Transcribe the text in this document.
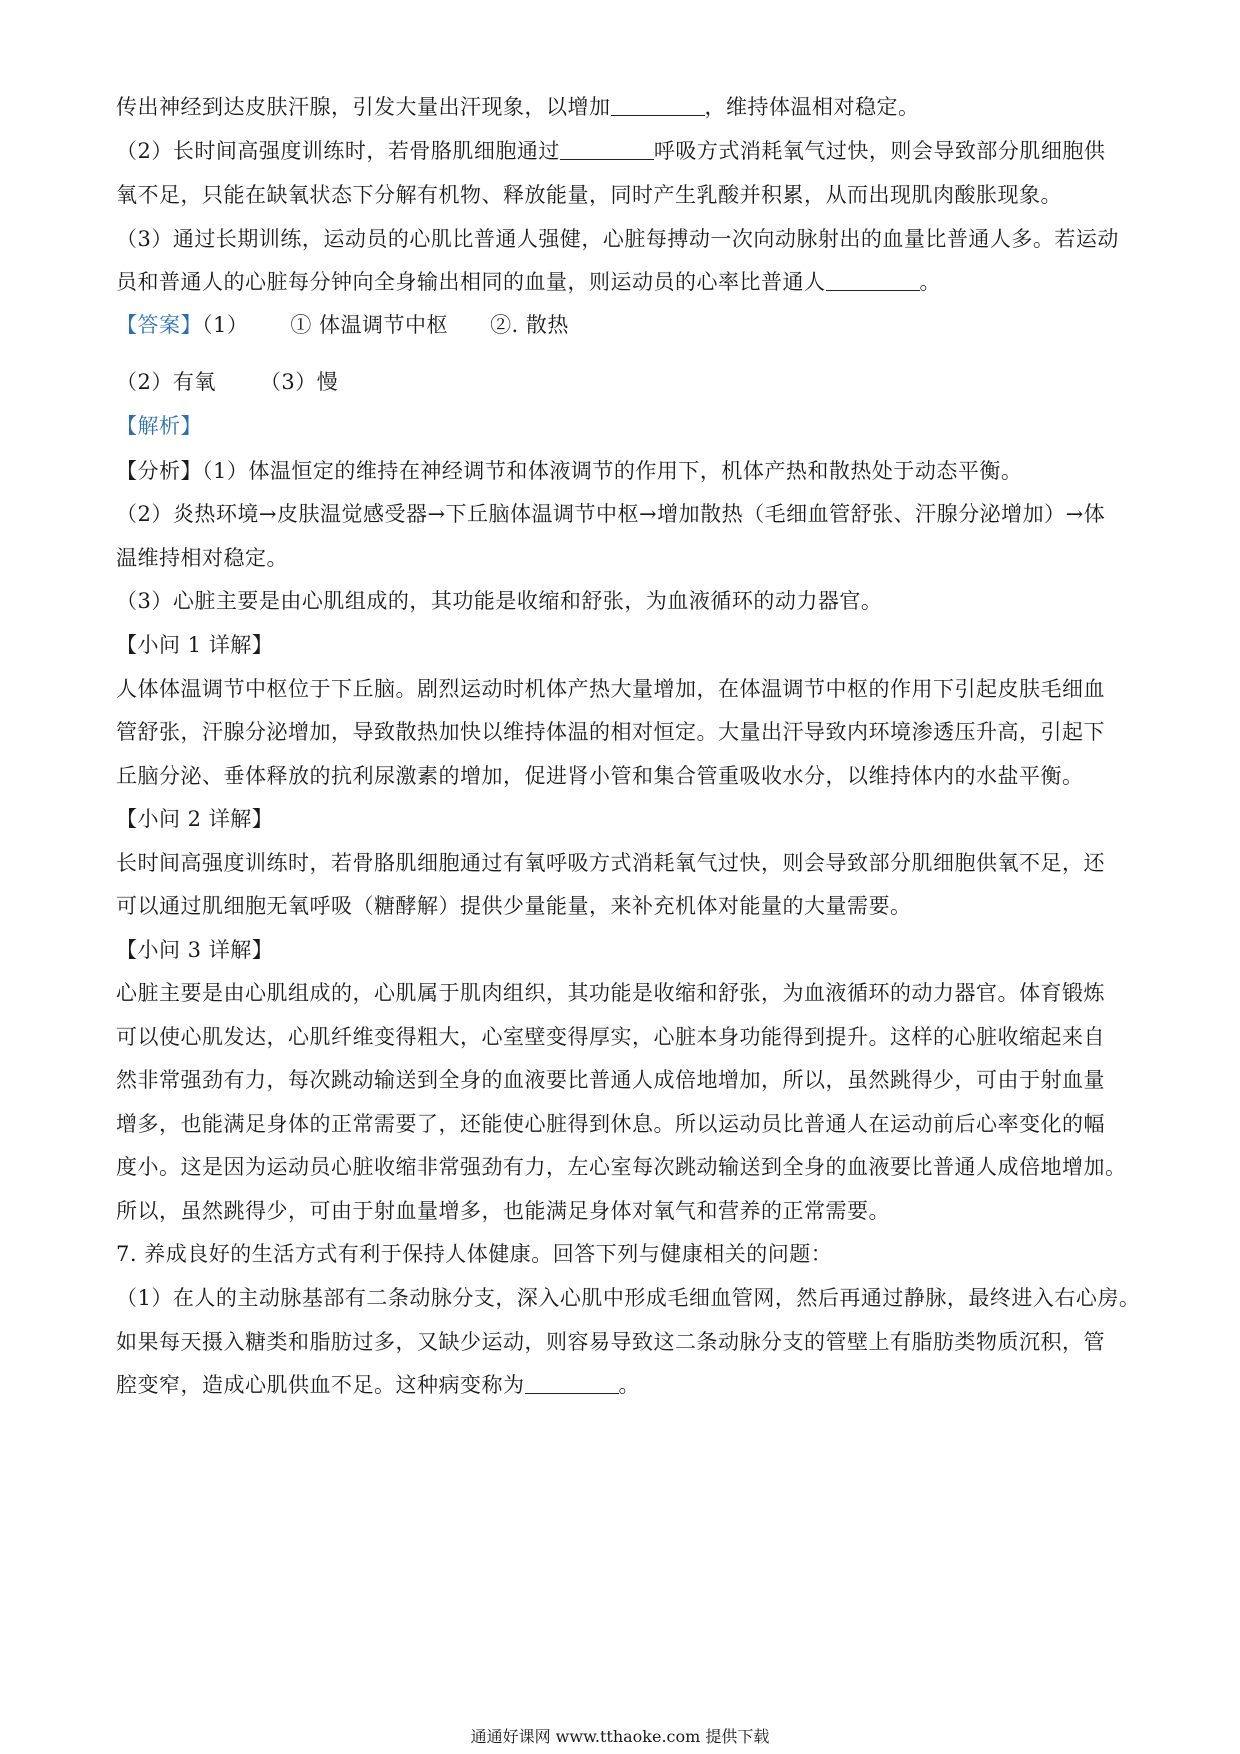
传出神经到达皮肤汗腺，引发大量出汗现象，以增加	，维持体温相对稳定。
（2）长时间高强度训练时，若骨胳肌细胞通过	呼吸方式消耗氧气过快，则会导致部分肌细胞供
氧不足，只能在缺氧状态下分解有机物、释放能量，同时产生乳酸并积累，从而出现肌肉酸胀现象。
（3）通过长期训练，运动员的心肌比普通人强健，心脏每搏动一次向动脉射出的血量比普通人多。若运动
员和普通人的心脏每分钟向全身输出相同的血量，则运动员的心率比普通人	。
【答案】（1） ① 体温调节中枢 ②. 散热
（2）有氧 （3）慢
【解析】
【分析】（1）体温恒定的维持在神经调节和体液调节的作用下，机体产热和散热处于动态平衡。
（2）炎热环境→皮肤温觉感受器→下丘脑体温调节中枢→增加散热（毛细血管舒张、汗腺分泌增加）→体
温维持相对稳定。
（3）心脏主要是由心肌组成的，其功能是收缩和舒张，为血液循环的动力器官。
【小问 1 详解】
人体体温调节中枢位于下丘脑。剧烈运动时机体产热大量增加，在体温调节中枢的作用下引起皮肤毛细血
管舒张，汗腺分泌增加，导致散热加快以维持体温的相对恒定。大量出汗导致内环境渗透压升高，引起下
丘脑分泌、垂体释放的抗利尿激素的增加，促进肾小管和集合管重吸收水分，以维持体内的水盐平衡。
【小问 2 详解】
长时间高强度训练时，若骨胳肌细胞通过有氧呼吸方式消耗氧气过快，则会导致部分肌细胞供氧不足，还
可以通过肌细胞无氧呼吸（糖酵解）提供少量能量，来补充机体对能量的大量需要。
【小问 3 详解】
心脏主要是由心肌组成的，心肌属于肌肉组织，其功能是收缩和舒张，为血液循环的动力器官。体育锻炼
可以使心肌发达，心肌纤维变得粗大，心室壁变得厚实，心脏本身功能得到提升。这样的心脏收缩起来自
然非常强劲有力，每次跳动输送到全身的血液要比普通人成倍地增加，所以，虽然跳得少，可由于射血量
增多，也能满足身体的正常需要了，还能使心脏得到休息。所以运动员比普通人在运动前后心率变化的幅
度小。这是因为运动员心脏收缩非常强劲有力，左心室每次跳动输送到全身的血液要比普通人成倍地增加。
所以，虽然跳得少，可由于射血量增多，也能满足身体对氧气和营养的正常需要。
7. 养成良好的生活方式有利于保持人体健康。回答下列与健康相关的问题：
（1）在人的主动脉基部有二条动脉分支，深入心肌中形成毛细血管网，然后再通过静脉，最终进入右心房。
如果每天摄入糖类和脂肪过多，又缺少运动，则容易导致这二条动脉分支的管壁上有脂肪类物质沉积，管
腔变窄，造成心肌供血不足。这种病变称为	。
通通好课网 www.tthaoke.com 提供下载
